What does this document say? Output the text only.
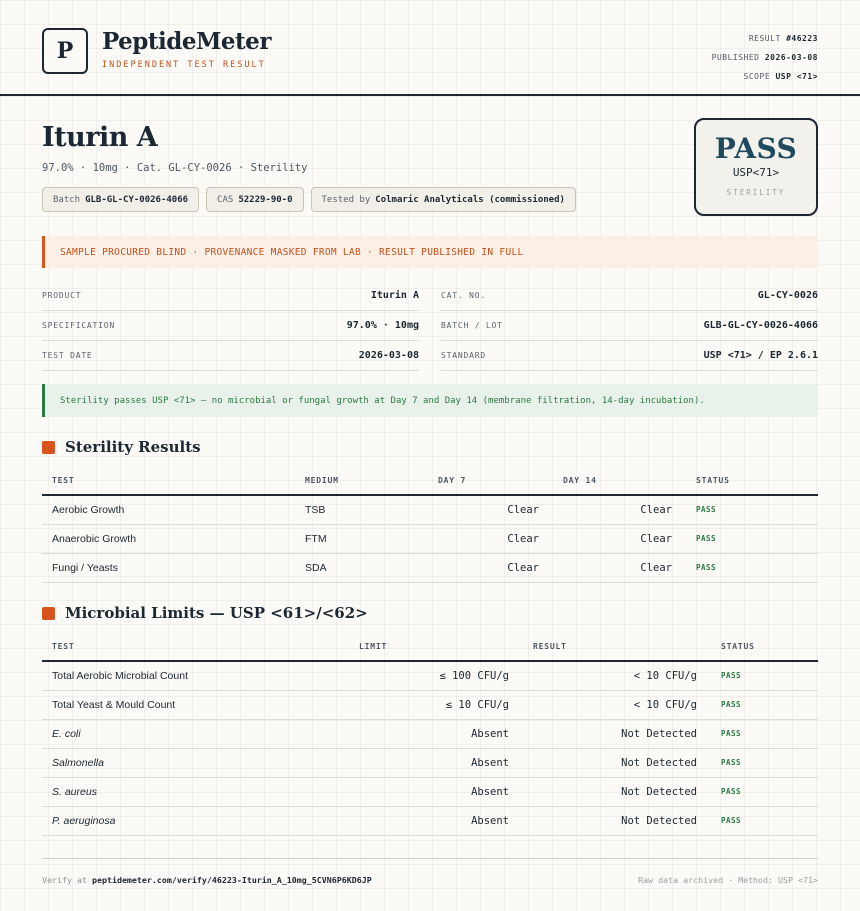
P	PeptideMeter
INDEPENDENT TEST RESULT
RESULT #46223
PUBLISHED 2026-03-08
SCOPE USP <71>
Iturin A
97.0% · 10mg · Cat. GL-CY-0026 · Sterility
Batch GLB-GL-CY-0026-4066	CAS 52229-90-0	Tested by Colmaric Analyticals (commissioned)
PASS
USP<71>
STERILITY
SAMPLE PROCURED BLIND · PROVENANCE MASKED FROM LAB · RESULT PUBLISHED IN FULL
PRODUCT	Iturin A	CAT. NO.	GL-CY-0026
SPECIFICATION	97.0% · 10mg	BATCH / LOT	GLB-GL-CY-0026-4066
TEST DATE	2026-03-08	STANDARD	USP <71> / EP 2.6.1
Sterility passes USP <71> — no microbial or fungal growth at Day 7 and Day 14 (membrane filtration, 14-day incubation).
Sterility Results
TEST	MEDIUM	DAY 7	DAY 14	STATUS
Aerobic Growth	TSB	Clear	Clear	PASS
Anaerobic Growth	FTM	Clear	Clear	PASS
Fungi / Yeasts	SDA	Clear	Clear	PASS
Microbial Limits — USP <61>/<62>
TEST	LIMIT	RESULT	STATUS
Total Aerobic Microbial Count	≤ 100 CFU/g	< 10 CFU/g	PASS
Total Yeast & Mould Count	≤ 10 CFU/g	< 10 CFU/g	PASS
E. coli	Absent	Not Detected	PASS
Salmonella	Absent	Not Detected	PASS
S. aureus	Absent	Not Detected	PASS
P. aeruginosa	Absent	Not Detected	PASS
Verify at peptidemeter.com/verify/46223-Iturin_A_10mg_5CVN6P6KD6JP	Raw data archived · Method: USP <71>
